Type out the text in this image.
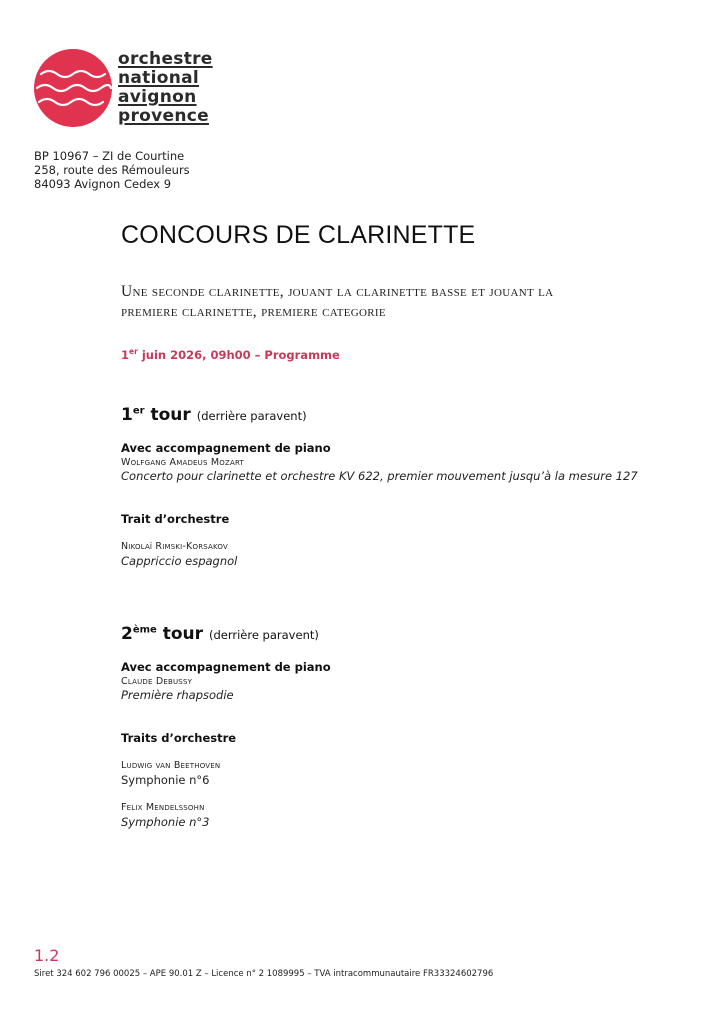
orchestre
national
avignon
provence
BP 10967 – ZI de Courtine
258, route des Rémouleurs
84093 Avignon Cedex 9
CONCOURS DE CLARINETTE
Une seconde clarinette, jouant la clarinette basse et jouant la
premiere clarinette, premiere categorie
1er juin 2026, 09h00 – Programme
1er tour (derrière paravent)
Avec accompagnement de piano
Wolfgang Amadeus Mozart
Concerto pour clarinette et orchestre KV 622, premier mouvement jusqu’à la mesure 127
Trait d’orchestre
Nikolaï Rimski-Korsakov
Cappriccio espagnol
2ème tour (derrière paravent)
Avec accompagnement de piano
Claude Debussy
Première rhapsodie
Traits d’orchestre
Ludwig van Beethoven
Symphonie n°6
Felix Mendelssohn
Symphonie n°3
1.2
Siret 324 602 796 00025 – APE 90.01 Z – Licence n° 2 1089995 – TVA intracommunautaire FR33324602796
